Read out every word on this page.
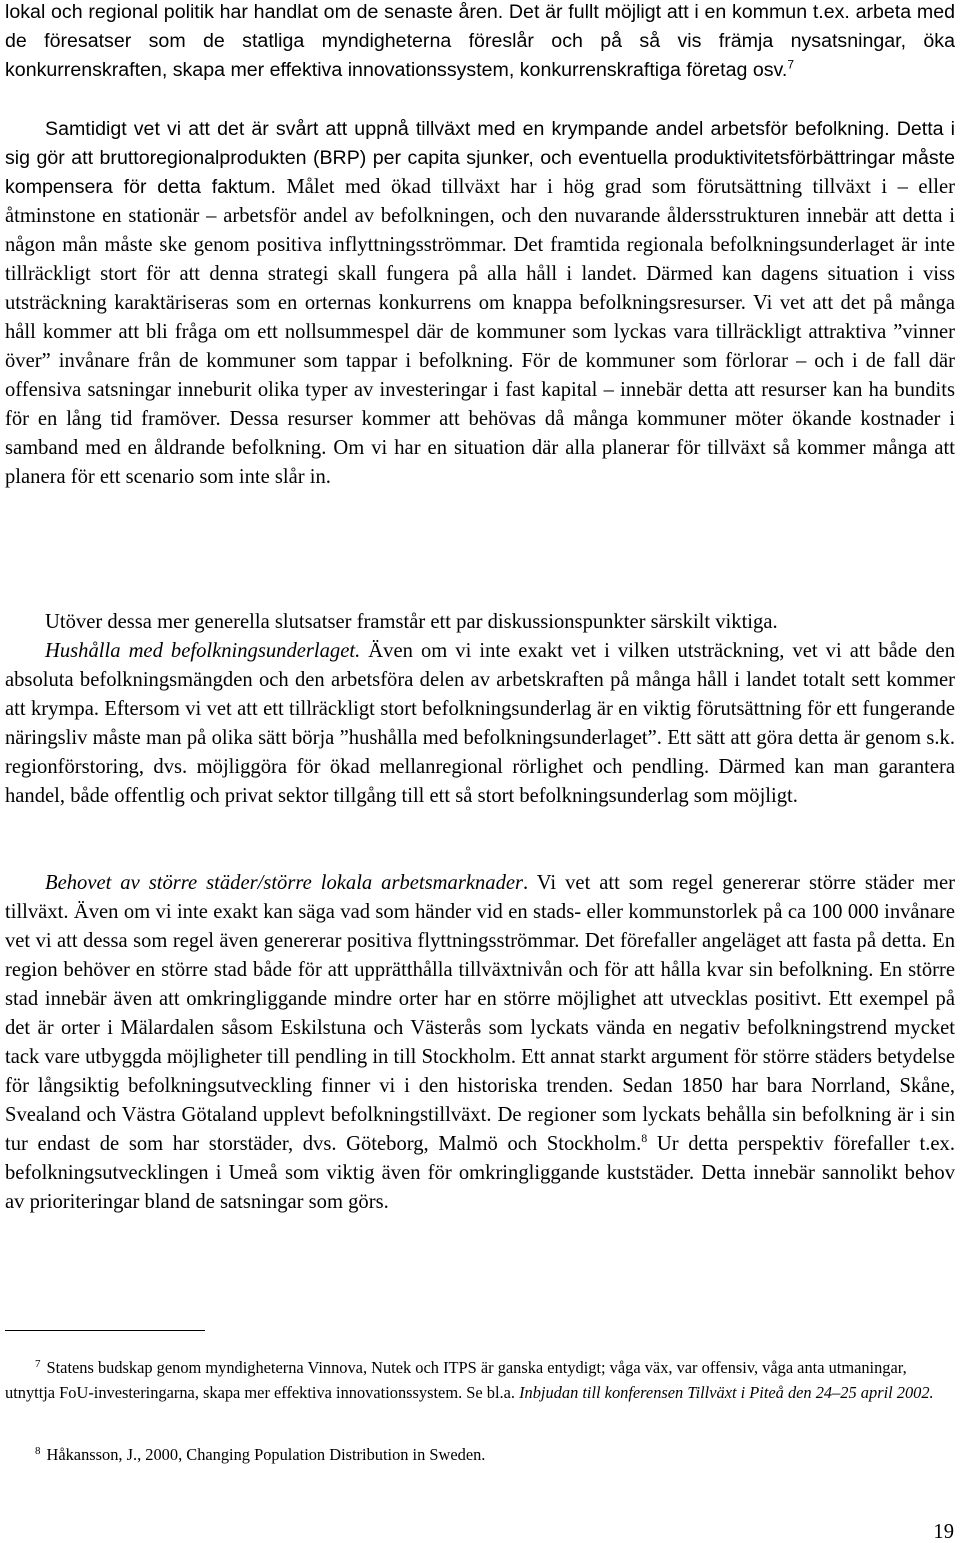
lokal och regional politik har handlat om de senaste åren. Det är fullt möjligt att i en kommun t.ex. arbeta med de föresatser som de statliga myndigheterna föreslår och på så vis främja nysatsningar, öka konkurrenskraften, skapa mer effektiva innovationssystem, konkurrenskraftiga företag osv.$^7$

Samtidigt vet vi att det är svårt att uppnå tillväxt med en krympande andel arbetsför befolkning. Detta i sig gör att bruttoregionalprodukten (BRP) per capita sjunker, och eventuella produktivitetsförbättringar måste kompensera för detta faktum. Målet med ökad tillväxt har i hög grad som förutsättning tillväxt i – eller åtminstone en stationär – arbetsför andel av befolkningen, och den nuvarande åldersstrukturen innebär att detta i någon mån måste ske genom positiva inflyttningsströmmar. Det framtida regionala befolkningsunderlaget är inte tillräckligt stort för att denna strategi skall fungera på alla håll i landet. Därmed kan dagens situation i viss utsträckning karaktäriseras som en orternas konkurrens om knappa befolkningsresurser. Vi vet att det på många håll kommer att bli fråga om ett nollsummespel där de kommuner som lyckas vara tillräckligt attraktiva ”vinner över” invånare från de kommuner som tappar i befolkning. För de kommuner som förlorar – och i de fall där offensiva satsningar inneburit olika typer av investeringar i fast kapital – innebär detta att resurser kan ha bundits för en lång tid framöver. Dessa resurser kommer att behövas då många kommuner möter ökande kostnader i samband med en åldrande befolkning. Om vi har en situation där alla planerar för tillväxt så kommer många att planera för ett scenario som inte slår in.

Utöver dessa mer generella slutsatser framstår ett par diskussionspunkter särskilt viktiga.

Hushålla med befolkningsunderlaget. Även om vi inte exakt vet i vilken utsträckning, vet vi att både den absoluta befolkningsmängden och den arbetsföra delen av arbetskraften på många håll i landet totalt sett kommer att krympa. Eftersom vi vet att ett tillräckligt stort befolkningsunderlag är en viktig förutsättning för ett fungerande näringsliv måste man på olika sätt börja ”hushålla med befolkningsunderlaget”. Ett sätt att göra detta är genom s.k. regionförstoring, dvs. möjliggöra för ökad mellanregional rörlighet och pendling. Därmed kan man garantera handel, både offentlig och privat sektor tillgång till ett så stort befolkningsunderlag som möjligt.

Behovet av större städer/större lokala arbetsmarknader. Vi vet att som regel genererar större städer mer tillväxt. Även om vi inte exakt kan säga vad som händer vid en stads- eller kommunstorlek på ca 100 000 invånare vet vi att dessa som regel även genererar positiva flyttningsströmmar. Det förefaller angeläget att fasta på detta. En region behöver en större stad både för att upprätthålla tillväxtnivån och för att hålla kvar sin befolkning. En större stad innebär även att omkringliggande mindre orter har en större möjlighet att utvecklas positivt. Ett exempel på det är orter i Mälardalen såsom Eskilstuna och Västerås som lyckats vända en negativ befolkningstrend mycket tack vare utbyggda möjligheter till pendling in till Stockholm. Ett annat starkt argument för större städers betydelse för långsiktig befolkningsutveckling finner vi i den historiska trenden. Sedan 1850 har bara Norrland, Skåne, Svealand och Västra Götaland upplevt befolkningstillväxt. De regioner som lyckats behålla sin befolkning är i sin tur endast de som har storstäder, dvs. Göteborg, Malmö och Stockholm.$^8$ Ur detta perspektiv förefaller t.ex. befolkningsutvecklingen i Umeå som viktig även för omkringliggande kuststäder. Detta innebär sannolikt behov av prioriteringar bland de satsningar som görs.

$^7$ Statens budskap genom myndigheterna Vinnova, Nutek och ITPS är ganska entydigt; våga väx, var offensiv, våga anta utmaningar, utnyttja FoU-investeringarna, skapa mer effektiva innovationssystem. Se bl.a. Inbjudan till konferensen Tillväxt i Piteå den 24–25 april 2002.

$^8$ Håkansson, J., 2000, Changing Population Distribution in Sweden.

19
